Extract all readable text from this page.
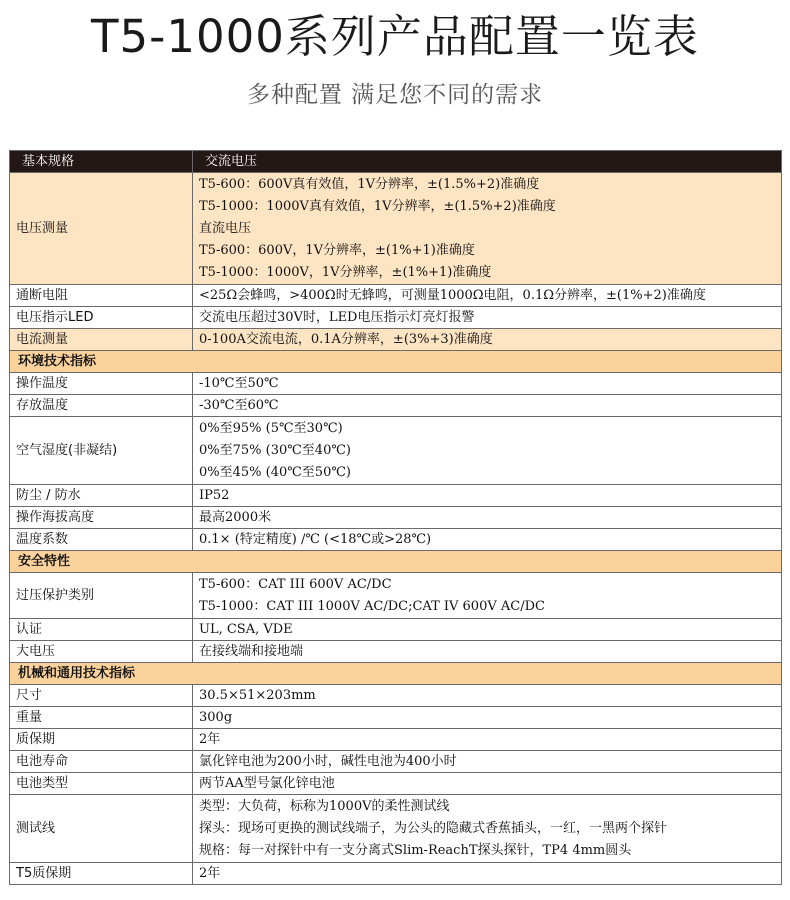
T5-1000系列产品配置一览表
多种配置 满足您不同的需求
基本规格	交流电压
电压测量	T5-600：600V真有效值，1V分辨率，±(1.5%+2)准确度
T5-1000：1000V真有效值，1V分辨率，±(1.5%+2)准确度
直流电压
T5-600：600V，1V分辨率，±(1%+1)准确度
T5-1000：1000V，1V分辨率，±(1%+1)准确度

通断电阻	<25Ω会蜂鸣，>400Ω时无蜂鸣，可测量1000Ω电阻，0.1Ω分辨率，±(1%+2)准确度
电压指示LED	交流电压超过30V时，LED电压指示灯亮灯报警
电流测量	0-100A交流电流，0.1A分辨率，±(3%+3)准确度
环境技术指标	
操作温度	-10℃至50℃
存放温度	-30℃至60℃
空气湿度(非凝结)	0%至95% (5℃至30℃)
0%至75% (30℃至40℃)
0%至45% (40℃至50℃)

防尘 / 防水	IP52
操作海拔高度	最高2000米
温度系数	0.1× (特定精度) /℃ (<18℃或>28℃)
安全特性	
过压保护类别	T5-600：CAT III 600V AC/DC
T5-1000：CAT III 1000V AC/DC;CAT IV 600V AC/DC

认证	UL, CSA, VDE
大电压	在接线端和接地端
机械和通用技术指标	
尺寸	30.5×51×203mm
重量	300g
质保期	2年
电池寿命	氯化锌电池为200小时，碱性电池为400小时
电池类型	两节AA型号氯化锌电池
测试线	类型：大负荷，标称为1000V的柔性测试线
探头：现场可更换的测试线端子，为公头的隐藏式香蕉插头，一红，一黑两个探针
规格：每一对探针中有一支分离式Slim-ReachT探头探针，TP4 4mm圆头

T5质保期	2年
